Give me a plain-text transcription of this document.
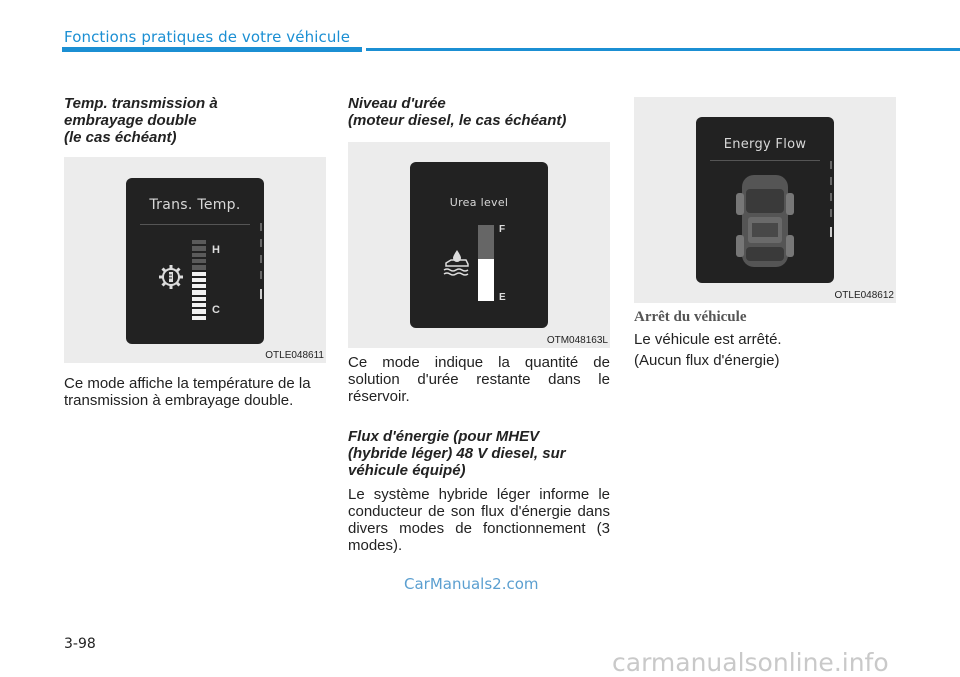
Fonctions pratiques de votre véhicule

Temp. transmission à

embrayage double

(le cas échéant)

Trans. Temp.
H
C
OTLE048611

Ce mode affiche la température de la transmission à embrayage double.

Niveau d'urée

(moteur diesel, le cas échéant)

Urea level
F
E
OTM048163L

Ce mode indique la quantité de solution d'urée restante dans le réservoir.

Flux d'énergie (pour MHEV

(hybride léger) 48 V diesel, sur

véhicule équipé)

Le système hybride léger informe le conducteur de son flux d'énergie dans divers modes de fonctionnement (3 modes).

Energy Flow
OTLE048612
Arrêt du véhicule

Le véhicule est arrêté.

(Aucun flux d'énergie)

CarManuals2.com
3-98
carmanualsonline.info
